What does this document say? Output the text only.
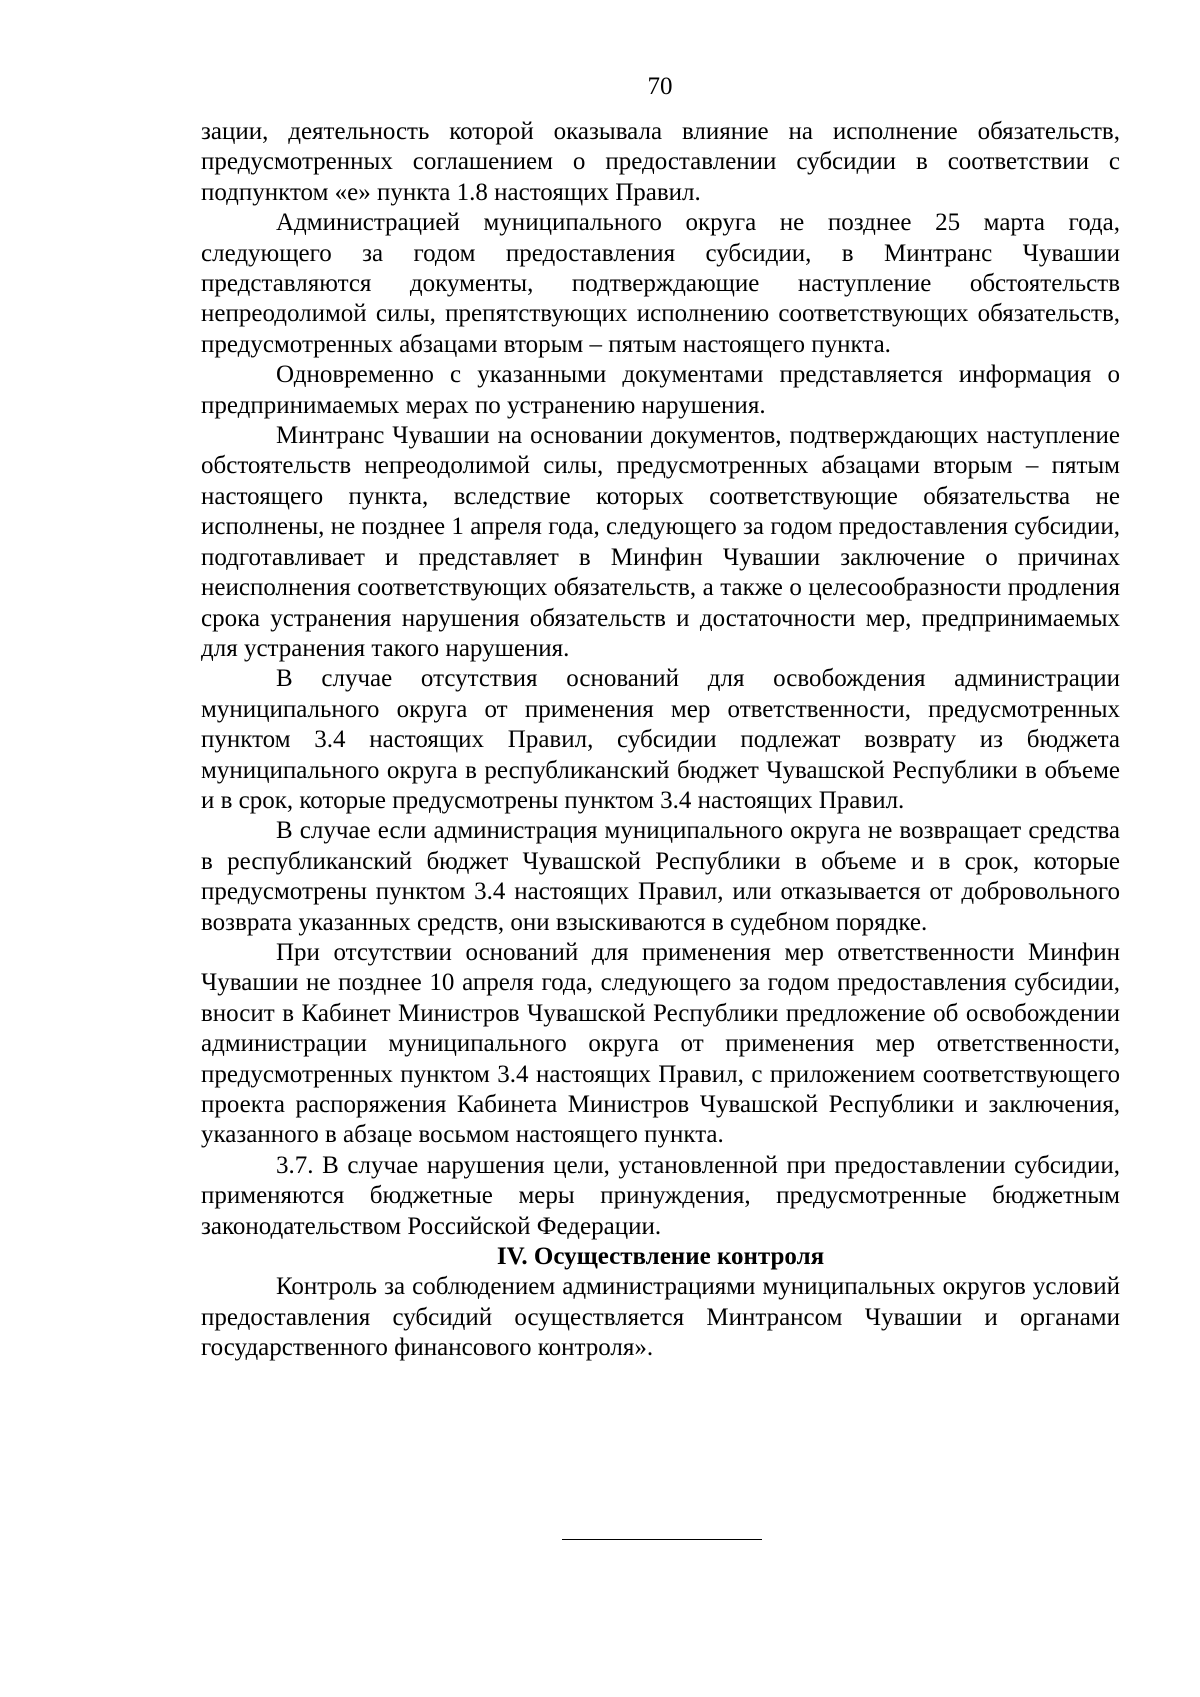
70

зации, деятельность которой оказывала влияние на исполнение обязательств, предусмотренных соглашением о предоставлении субсидии в соответствии с подпунктом «е» пункта 1.8 настоящих Правил.

Администрацией муниципального округа не позднее 25 марта года, следующего за годом предоставления субсидии, в Минтранс Чувашии представляются документы, подтверждающие наступление обстоятельств непреодолимой силы, препятствующих исполнению соответствующих обязательств, предусмотренных абзацами вторым – пятым настоящего пункта.

Одновременно с указанными документами представляется информация о предпринимаемых мерах по устранению нарушения.

Минтранс Чувашии на основании документов, подтверждающих наступление обстоятельств непреодолимой силы, предусмотренных абзацами вторым – пятым настоящего пункта, вследствие которых соответствующие обязательства не исполнены, не позднее 1 апреля года, следующего за годом предоставления субсидии, подготавливает и представляет в Минфин Чувашии заключение о причинах неисполнения соответствующих обязательств, а также о целесообразности продления срока устранения нарушения обязательств и достаточности мер, предпринимаемых для устранения такого нарушения.

В случае отсутствия оснований для освобождения администрации муниципального округа от применения мер ответственности, предусмотренных пунктом 3.4 настоящих Правил, субсидии подлежат возврату из бюджета муниципального округа в республиканский бюджет Чувашской Республики в объеме и в срок, которые предусмотрены пунктом 3.4 настоящих Правил.

В случае если администрация муниципального округа не возвращает средства в республиканский бюджет Чувашской Республики в объеме и в срок, которые предусмотрены пунктом 3.4 настоящих Правил, или отказывается от добровольного возврата указанных средств, они взыскиваются в судебном порядке.

При отсутствии оснований для применения мер ответственности Минфин Чувашии не позднее 10 апреля года, следующего за годом предоставления субсидии, вносит в Кабинет Министров Чувашской Республики предложение об освобождении администрации муниципального округа от применения мер ответственности, предусмотренных пунктом 3.4 настоящих Правил, с приложением соответствующего проекта распоряжения Кабинета Министров Чувашской Республики и заключения, указанного в абзаце восьмом настоящего пункта.

3.7. В случае нарушения цели, установленной при предоставлении субсидии, применяются бюджетные меры принуждения, предусмотренные бюджетным законодательством Российской Федерации.

IV. Осуществление контроля

Контроль за соблюдением администрациями муниципальных округов условий предоставления субсидий осуществляется Минтрансом Чувашии и органами государственного финансового контроля».
